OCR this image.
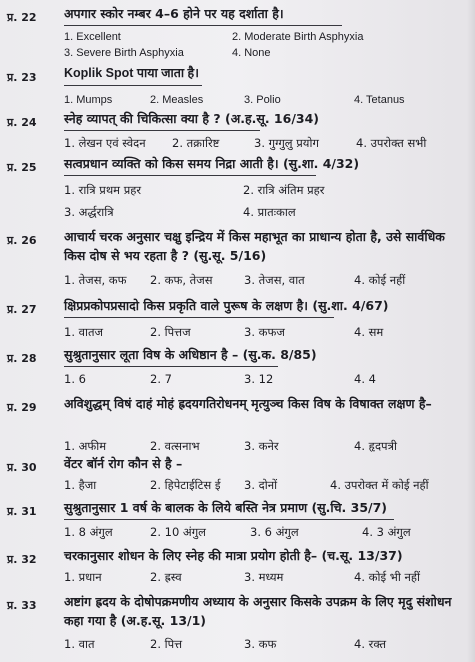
प्र. 22 अपगार स्कोर नम्बर 4–6 होने पर यह दर्शाता है।
1. Excellent	2. Moderate Birth Asphyxia
3. Severe Birth Asphyxia	4. None
प्र. 23 Koplik Spot पाया जाता है।
1. Mumps	2. Measles	3. Polio	4. Tetanus
प्र. 24 स्नेह व्यापत् की चिकित्सा क्या है ? (अ.ह.सू. 16/34)
1. लेखन एवं स्वेदन 2. तक्रारिष्ट	3. गुग्गुलु प्रयोग	4. उपरोक्त सभी
प्र. 25 सत्वप्रधान व्यक्ति को किस समय निद्रा आती है। (सु.शा. 4/32)
1. रात्रि प्रथम प्रहर	2. रात्रि अंतिम प्रहर
3. अर्द्धरात्रि	4. प्रातःकाल
प्र. 26 आचार्य चरक अनुसार चक्षु इन्द्रिय में किस महाभूत का प्राधान्य होता है, उसे सार्वधिक किस दोष से भय रहता है ? (सु.सू. 5/16)
1. तेजस, कफ 2. कफ, तेजस	3. तेजस, वात	4. कोई नहीं
प्र. 27 क्षिप्रप्रकोपप्रसादो किस प्रकृति वाले पुरूष के लक्षण है। (सु.शा. 4/67)
1. वातज	2. पित्तज	3. कफज	4. सम
प्र. 28 सुश्रुतानुसार लूता विष के अधिष्ठान है – (सु.क. 8/85)
1. 6	2. 7	3. 12	4. 4
प्र. 29 अविशुद्धम् विषं दाहं मोहं ह्रदयगतिरोधनम् मृत्युञ्च किस विष के विषाक्त लक्षण है–
1. अफीम	2. वत्सनाभ	3. कनेर	4. हृदपत्री
प्र. 30 वेंटर बॉर्न रोग कौन से है –
1. हैजा	2. हिपेटाईटिस ई 3. दोनों	4. उपरोक्त में कोई नहीं
प्र. 31 सुश्रुतानुसार 1 वर्ष के बालक के लिये बस्ति नेत्र प्रमाण (सु.चि. 35/7)
1. 8 अंगुल	2. 10 अंगुल	3. 6 अंगुल	4. 3 अंगुल
प्र. 32 चरकानुसार शोधन के लिए स्नेह की मात्रा प्रयोग होती है– (च.सू. 13/37)
1. प्रधान	2. ह्रस्व	3. मध्यम	4. कोई भी नहीं
प्र. 33 अष्टांग ह्रदय के दोषोपक्रमणीय अध्याय के अनुसार किसके उपक्रम के लिए मृदु संशोधन कहा गया है (अ.ह.सू. 13/1)
1. वात	2. पित्त	3. कफ	4. रक्त
